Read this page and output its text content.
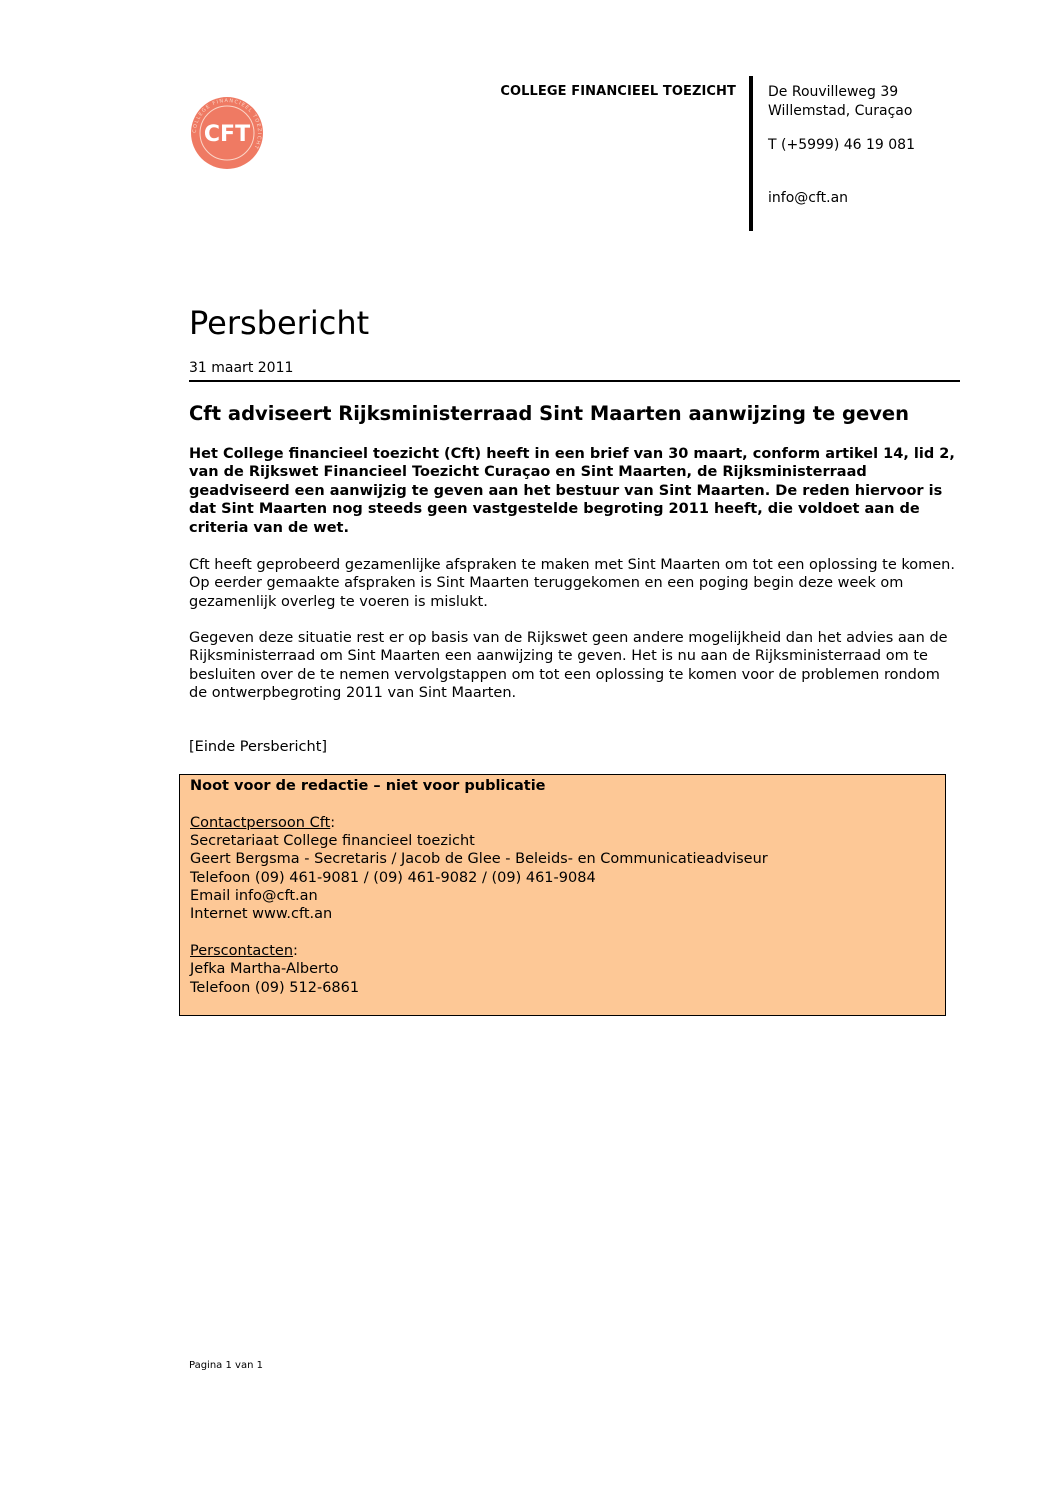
COLLEGE FINANCIEEL TOEZICHT
CFT
COLLEGE FINANCIEEL TOEZICHT De Rouvilleweg 39
Willemstad, Curaçao
T (+5999) 46 19 081
info@cft.an
Persbericht
31 maart 2011
Cft adviseert Rijksministerraad Sint Maarten aanwijzing te geven

Het College financieel toezicht (Cft) heeft in een brief van 30 maart, conform artikel 14, lid 2, van de Rijkswet Financieel Toezicht Curaçao en Sint Maarten, de Rijksministerraad geadviseerd een aanwijzig te geven aan het bestuur van Sint Maarten. De reden hiervoor is dat Sint Maarten nog steeds geen vastgestelde begroting 2011 heeft, die voldoet aan de criteria van de wet.

Cft heeft geprobeerd gezamenlijke afspraken te maken met Sint Maarten om tot een oplossing te komen. Op eerder gemaakte afspraken is Sint Maarten teruggekomen en een poging begin deze week om gezamenlijk overleg te voeren is mislukt.

Gegeven deze situatie rest er op basis van de Rijkswet geen andere mogelijkheid dan het advies aan de Rijksministerraad om Sint Maarten een aanwijzing te geven. Het is nu aan de Rijksministerraad om te besluiten over de te nemen vervolgstappen om tot een oplossing te komen voor de problemen rondom de ontwerpbegroting 2011 van Sint Maarten.

[Einde Persbericht]
Noot voor de redactie – niet voor publicatie
Contactpersoon Cft:
Secretariaat College financieel toezicht
Geert Bergsma - Secretaris / Jacob de Glee - Beleids- en Communicatieadviseur
Telefoon (09) 461-9081 / (09) 461-9082 / (09) 461-9084
Email info@cft.an
Internet www.cft.an
Perscontacten:
Jefka Martha-Alberto
Telefoon (09) 512-6861
Pagina 1 van 1
